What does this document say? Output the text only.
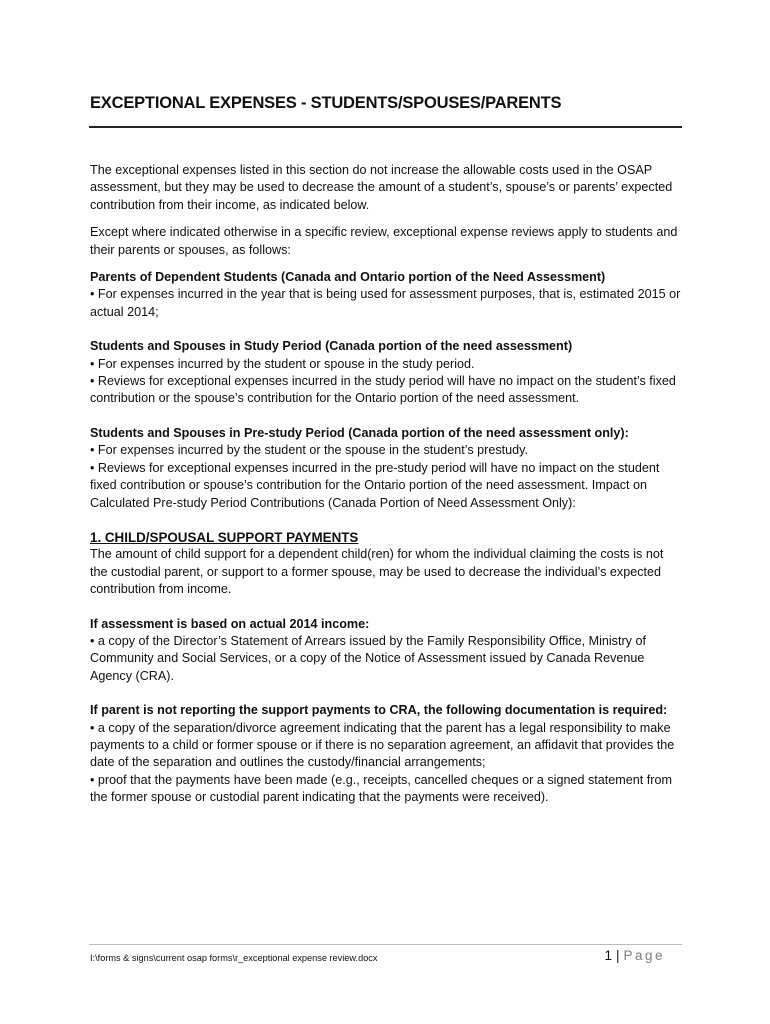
EXCEPTIONAL EXPENSES - STUDENTS/SPOUSES/PARENTS

The exceptional expenses listed in this section do not increase the allowable costs used in the OSAP assessment, but they may be used to decrease the amount of a student’s, spouse’s or parents’ expected contribution from their income, as indicated below.

Except where indicated otherwise in a specific review, exceptional expense reviews apply to students and their parents or spouses, as follows:

Parents of Dependent Students (Canada and Ontario portion of the Need Assessment)

• For expenses incurred in the year that is being used for assessment purposes, that is, estimated 2015 or actual 2014;

Students and Spouses in Study Period (Canada portion of the need assessment)

• For expenses incurred by the student or spouse in the study period.

• Reviews for exceptional expenses incurred in the study period will have no impact on the student’s fixed contribution or the spouse’s contribution for the Ontario portion of the need assessment.

Students and Spouses in Pre-study Period (Canada portion of the need assessment only):

• For expenses incurred by the student or the spouse in the student’s prestudy.

• Reviews for exceptional expenses incurred in the pre-study period will have no impact on the student fixed contribution or spouse’s contribution for the Ontario portion of the need assessment. Impact on Calculated Pre-study Period Contributions (Canada Portion of Need Assessment Only):

1. CHILD/SPOUSAL SUPPORT PAYMENTS

The amount of child support for a dependent child(ren) for whom the individual claiming the costs is not the custodial parent, or support to a former spouse, may be used to decrease the individual’s expected contribution from income.

If assessment is based on actual 2014 income:

• a copy of the Director’s Statement of Arrears issued by the Family Responsibility Office, Ministry of Community and Social Services, or a copy of the Notice of Assessment issued by Canada Revenue Agency (CRA).

If parent is not reporting the support payments to CRA, the following documentation is required:

• a copy of the separation/divorce agreement indicating that the parent has a legal responsibility to make payments to a child or former spouse or if there is no separation agreement, an affidavit that provides the date of the separation and outlines the custody/financial arrangements;

• proof that the payments have been made (e.g., receipts, cancelled cheques or a signed statement from the former spouse or custodial parent indicating that the payments were received).

I:\forms & signs\current osap forms\r_exceptional expense review.docx	1 | Page
